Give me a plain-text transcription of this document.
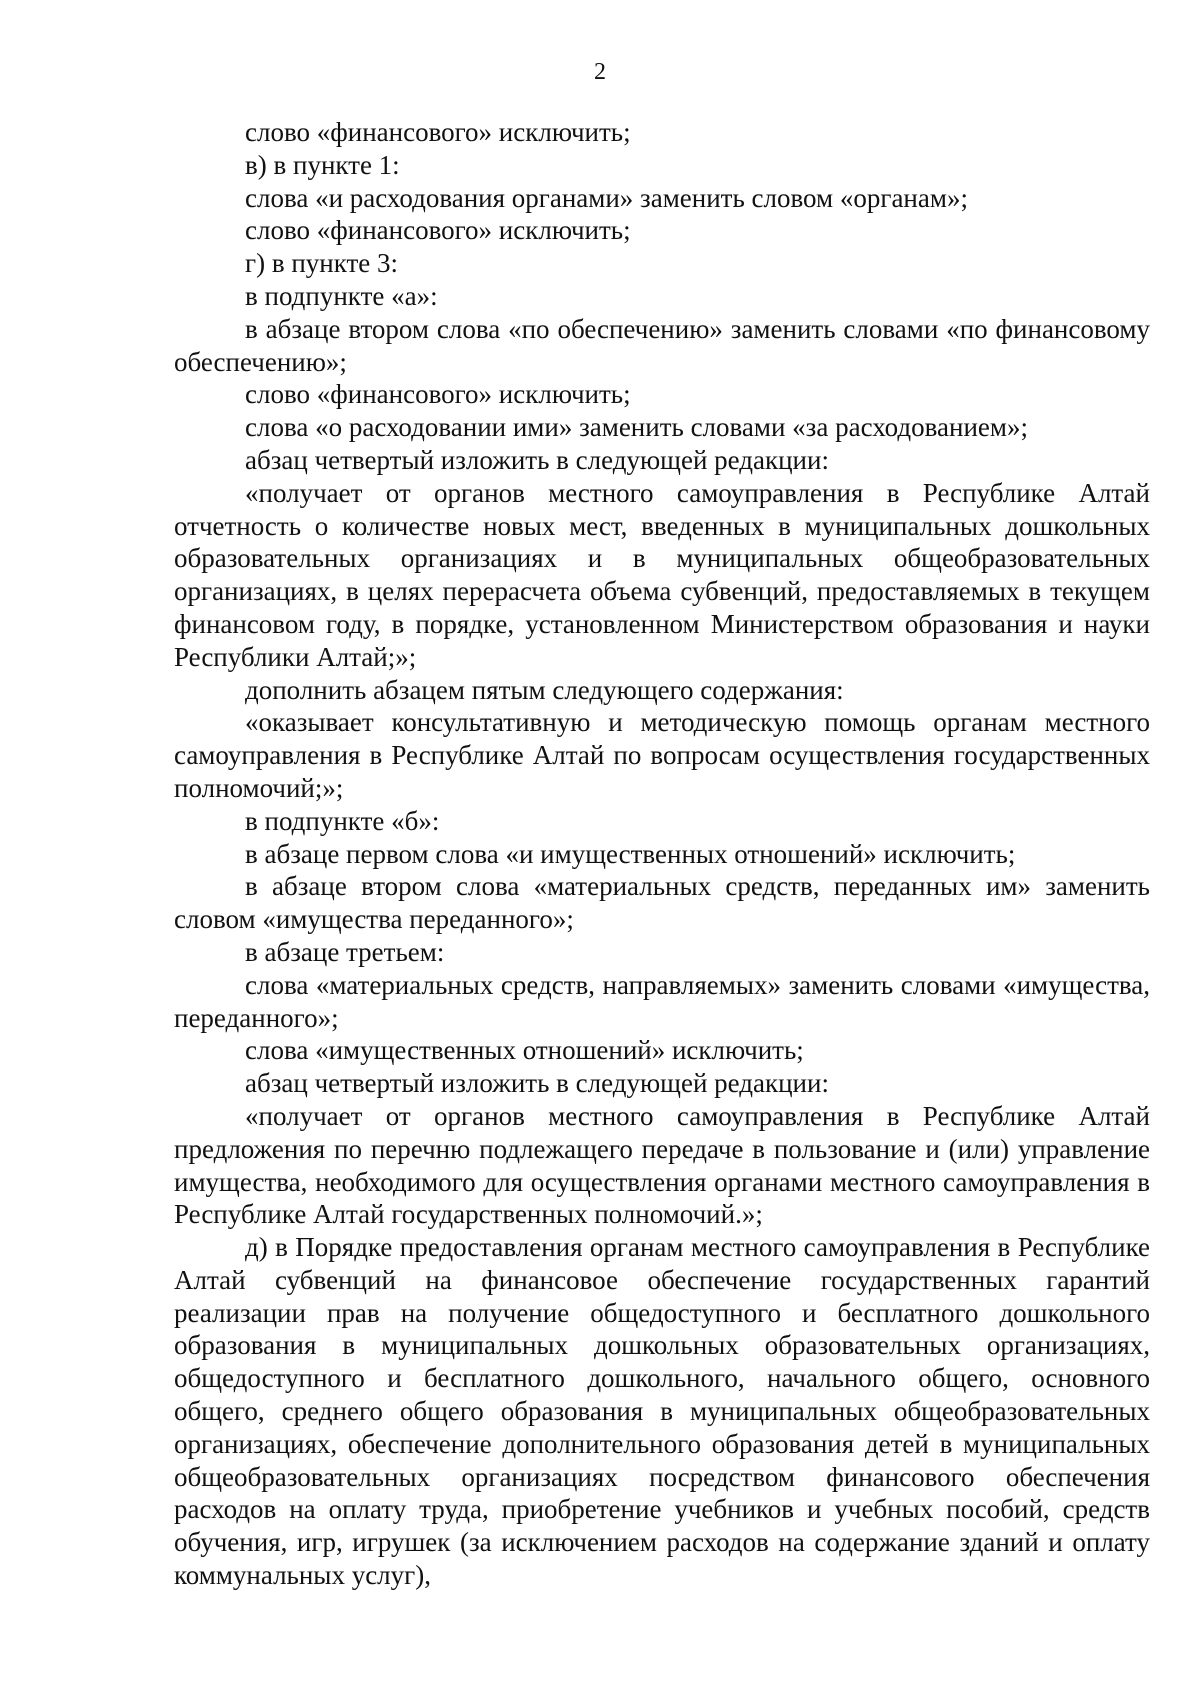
2

слово «финансового» исключить;

в) в пункте 1:

слова «и расходования органами» заменить словом «органам»;

слово «финансового» исключить;

г) в пункте 3:

в подпункте «а»:

в абзаце втором слова «по обеспечению» заменить словами «по финансовому обеспечению»;

слово «финансового» исключить;

слова «о расходовании ими» заменить словами «за расходованием»;

абзац четвертый изложить в следующей редакции:

«получает от органов местного самоуправления в Республике Алтай отчетность о количестве новых мест, введенных в муниципальных дошкольных образовательных организациях и в муниципальных общеобразовательных организациях, в целях перерасчета объема субвенций, предоставляемых в текущем финансовом году, в порядке, установленном Министерством образования и науки Республики Алтай;»;

дополнить абзацем пятым следующего содержания:

«оказывает консультативную и методическую помощь органам местного самоуправления в Республике Алтай по вопросам осуществления государственных полномочий;»;

в подпункте «б»:

в абзаце первом слова «и имущественных отношений» исключить;

в абзаце втором слова «материальных средств, переданных им» заменить словом «имущества переданного»;

в абзаце третьем:

слова «материальных средств, направляемых» заменить словами «имущества, переданного»;

слова «имущественных отношений» исключить;

абзац четвертый изложить в следующей редакции:

«получает от органов местного самоуправления в Республике Алтай предложения по перечню подлежащего передаче в пользование и (или) управление имущества, необходимого для осуществления органами местного самоуправления в Республике Алтай государственных полномочий.»;

д) в Порядке предоставления органам местного самоуправления в Республике Алтай субвенций на финансовое обеспечение государственных гарантий реализации прав на получение общедоступного и бесплатного дошкольного образования в муниципальных дошкольных образовательных организациях, общедоступного и бесплатного дошкольного, начального общего, основного общего, среднего общего образования в муниципальных общеобразовательных организациях, обеспечение дополнительного образования детей в муниципальных общеобразовательных организациях посредством финансового обеспечения расходов на оплату труда, приобретение учебников и учебных пособий, средств обучения, игр, игрушек (за исключением расходов на содержание зданий и оплату коммунальных услуг),
